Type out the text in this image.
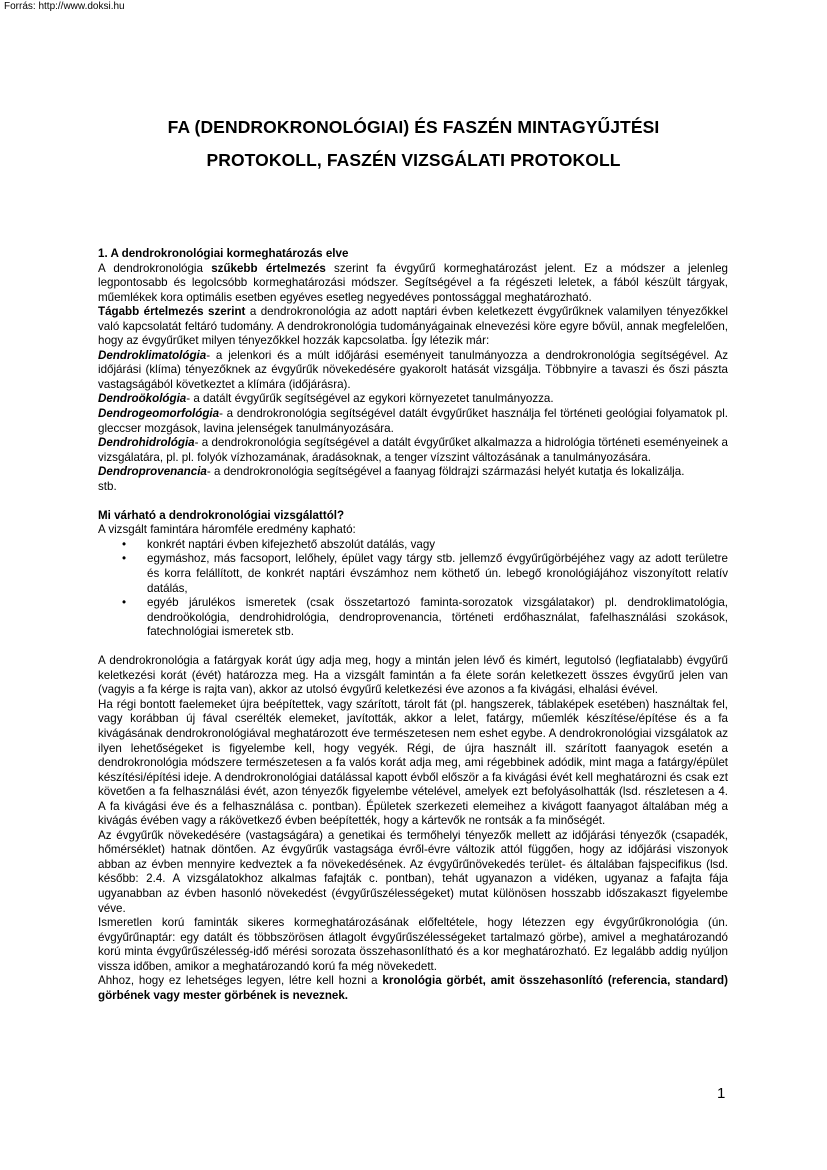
Forrás: http://www.doksi.hu
FA (DENDROKRONOLÓGIAI) ÉS FASZÉN MINTAGYŰJTÉSI
PROTOKOLL, FASZÉN VIZSGÁLATI PROTOKOLL

1. A dendrokronológiai kormeghatározás elve

A dendrokronológia szűkebb értelmezés szerint fa évgyűrű kormeghatározást jelent. Ez a módszer a jelenleg legpontosabb és legolcsóbb kormeghatározási módszer. Segítségével a fa régészeti leletek, a fából készült tárgyak, műemlékek kora optimális esetben egyéves esetleg negyedéves pontossággal meghatározható.

Tágabb értelmezés szerint a dendrokronológia az adott naptári évben keletkezett évgyűrűknek valamilyen tényezőkkel való kapcsolatát feltáró tudomány. A dendrokronológia tudományágainak elnevezési köre egyre bővül, annak megfelelően, hogy az évgyűrűket milyen tényezőkkel hozzák kapcsolatba. Így létezik már:

Dendroklimatológia- a jelenkori és a múlt időjárási eseményeit tanulmányozza a dendrokronológia segítségével. Az időjárási (klíma) tényezőknek az évgyűrűk növekedésére gyakorolt hatását vizsgálja. Többnyire a tavaszi és őszi pászta vastagságából következtet a klímára (időjárásra).

Dendroökológia- a datált évgyűrűk segítségével az egykori környezetet tanulmányozza.

Dendrogeomorfológia- a dendrokronológia segítségével datált évgyűrűket használja fel történeti geológiai folyamatok pl. gleccser mozgások, lavina jelenségek tanulmányozására.

Dendrohidrológia- a dendrokronológia segítségével a datált évgyűrűket alkalmazza a hidrológia történeti eseményeinek a vizsgálatára, pl. pl. folyók vízhozamának, áradásoknak, a tenger vízszint változásának a tanulmányozására.

Dendroprovenancia- a dendrokronológia segítségével a faanyag földrajzi származási helyét kutatja és lokalizálja.

stb.

Mi várható a dendrokronológiai vizsgálattól?

A vizsgált famintára háromféle eredmény kapható:

• konkrét naptári évben kifejezhető abszolút datálás, vagy
• egymáshoz, más facsoport, lelőhely, épület vagy tárgy stb. jellemző évgyűrűgörbéjéhez vagy az adott területre és korra felállított, de konkrét naptári évszámhoz nem köthető ún. lebegő kronológiájához viszonyított relatív datálás,
• egyéb járulékos ismeretek (csak összetartozó faminta-sorozatok vizsgálatakor) pl. dendroklimatológia, dendroökológia, dendrohidrológia, dendroprovenancia, történeti erdőhasználat, fafelhasználási szokások, fatechnológiai ismeretek stb.

A dendrokronológia a fatárgyak korát úgy adja meg, hogy a mintán jelen lévő és kimért, legutolsó (legfiatalabb) évgyűrű keletkezési korát (évét) határozza meg. Ha a vizsgált famintán a fa élete során keletkezett összes évgyűrű jelen van (vagyis a fa kérge is rajta van), akkor az utolsó évgyűrű keletkezési éve azonos a fa kivágási, elhalási évével.

Ha régi bontott faelemeket újra beépítettek, vagy szárított, tárolt fát (pl. hangszerek, táblaképek esetében) használtak fel, vagy korábban új fával cserélték elemeket, javították, akkor a lelet, fatárgy, műemlék készítése/építése és a fa kivágásának dendrokronológiával meghatározott éve természetesen nem eshet egybe. A dendrokronológiai vizsgálatok az ilyen lehetőségeket is figyelembe kell, hogy vegyék. Régi, de újra használt ill. szárított faanyagok esetén a dendrokronológia módszere természetesen a fa valós korát adja meg, ami régebbinek adódik, mint maga a fatárgy/épület készítési/építési ideje. A dendrokronológiai datálással kapott évből először a fa kivágási évét kell meghatározni és csak ezt követően a fa felhasználási évét, azon tényezők figyelembe vételével, amelyek ezt befolyásolhatták (lsd. részletesen a 4. A fa kivágási éve és a felhasználása c. pontban). Épületek szerkezeti elemeihez a kivágott faanyagot általában még a kivágás évében vagy a rákövetkező évben beépítették, hogy a kártevők ne rontsák a fa minőségét.

Az évgyűrűk növekedésére (vastagságára) a genetikai és termőhelyi tényezők mellett az időjárási tényezők (csapadék, hőmérséklet) hatnak döntően. Az évgyűrűk vastagsága évről-évre változik attól függően, hogy az időjárási viszonyok abban az évben mennyire kedveztek a fa növekedésének. Az évgyűrűnövekedés terület- és általában fajspecifikus (lsd. később: 2.4. A vizsgálatokhoz alkalmas fafajták c. pontban), tehát ugyanazon a vidéken, ugyanaz a fafajta fája ugyanabban az évben hasonló növekedést (évgyűrűszélességeket) mutat különösen hosszabb időszakaszt figyelembe véve.

Ismeretlen korú faminták sikeres kormeghatározásának előfeltétele, hogy létezzen egy évgyűrűkronológia (ún. évgyűrűnaptár: egy datált és többszörösen átlagolt évgyűrűszélességeket tartalmazó görbe), amivel a meghatározandó korú minta évgyűrűszélesség-idő mérési sorozata összehasonlítható és a kor meghatározható. Ez legalább addig nyúljon vissza időben, amikor a meghatározandó korú fa még növekedett.

Ahhoz, hogy ez lehetséges legyen, létre kell hozni a kronológia görbét, amit összehasonlító (referencia, standard) görbének vagy mester görbének is neveznek.

1
